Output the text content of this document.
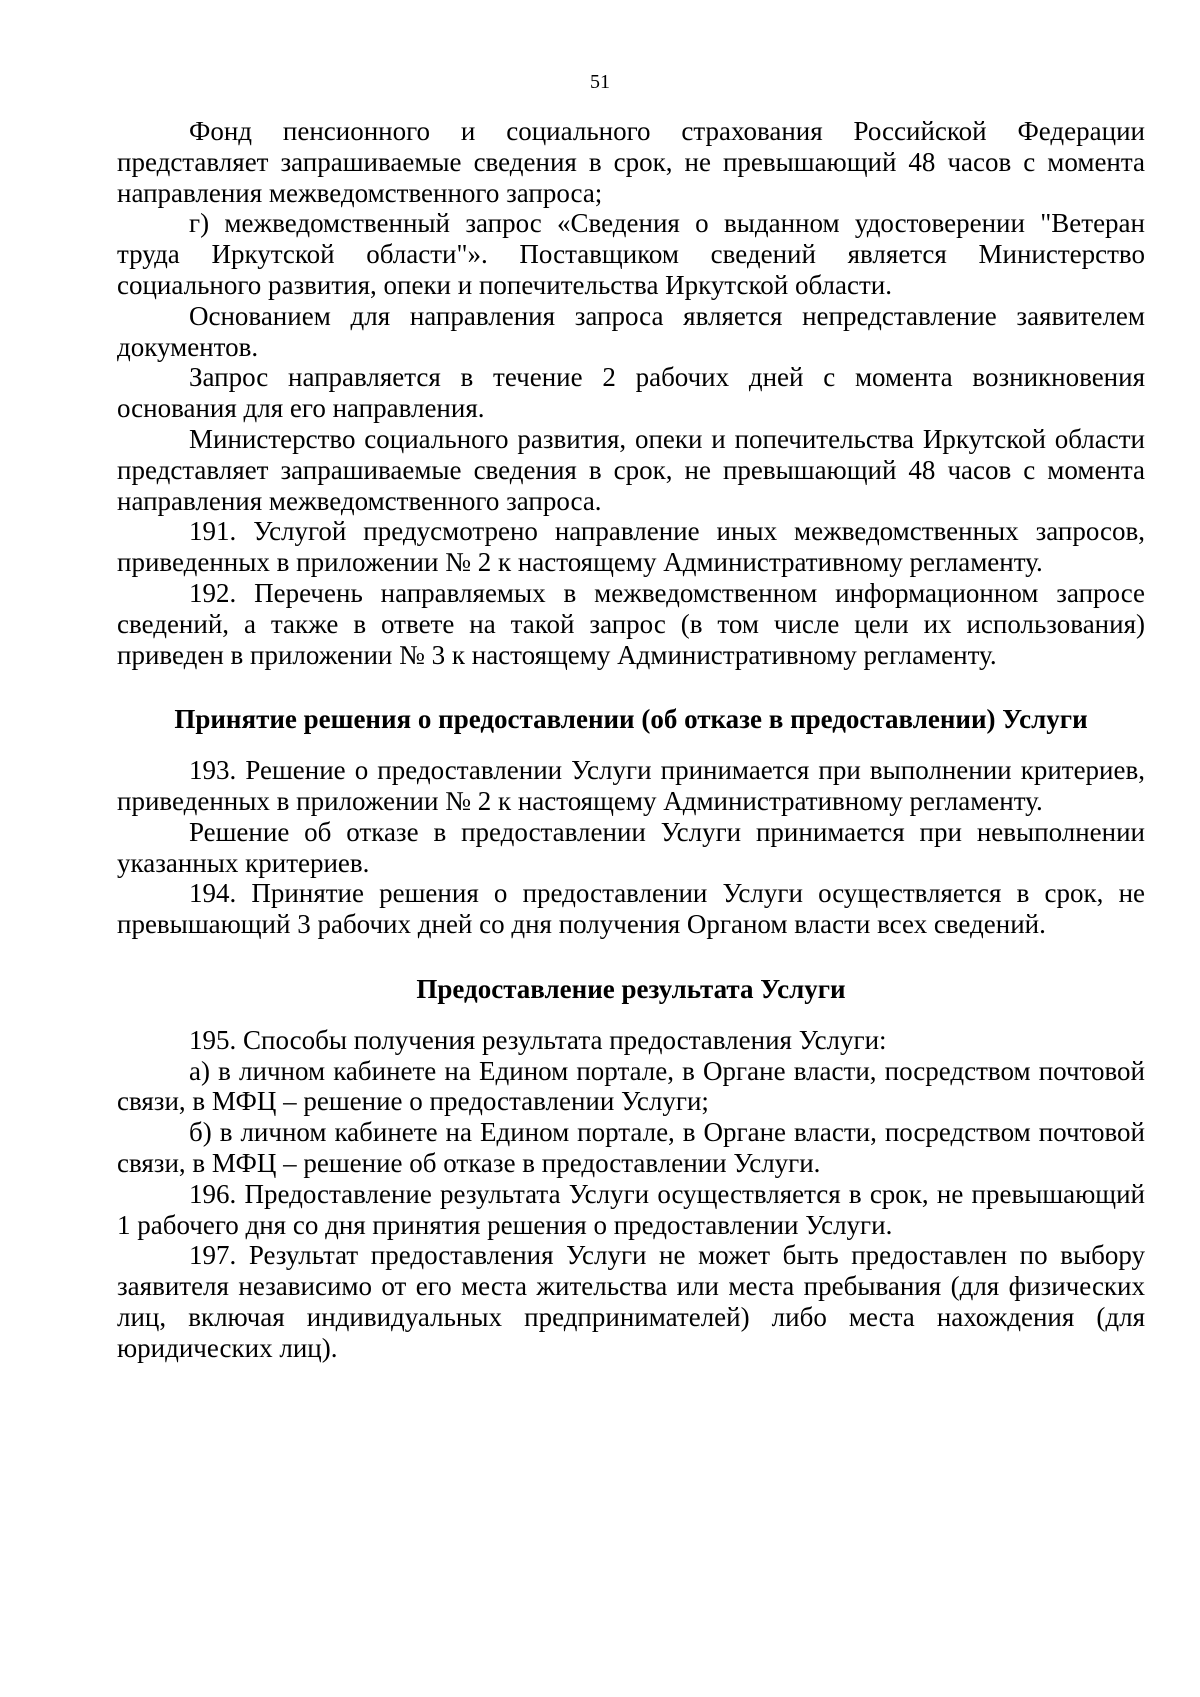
51

Фонд пенсионного и социального страхования Российской Федерации представляет запрашиваемые сведения в срок, не превышающий 48 часов с момента направления межведомственного запроса;

г) межведомственный запрос «Сведения о выданном удостоверении "Ветеран труда Иркутской области"». Поставщиком сведений является Министерство социального развития, опеки и попечительства Иркутской области.

Основанием для направления запроса является непредставление заявителем документов.

Запрос направляется в течение 2 рабочих дней с момента возникновения основания для его направления.

Министерство социального развития, опеки и попечительства Иркутской области представляет запрашиваемые сведения в срок, не превышающий 48 часов с момента направления межведомственного запроса.

191. Услугой предусмотрено направление иных межведомственных запросов, приведенных в приложении № 2 к настоящему Административному регламенту.

192. Перечень направляемых в межведомственном информационном запросе сведений, а также в ответе на такой запрос (в том числе цели их использования) приведен в приложении № 3 к настоящему Административному регламенту.

Принятие решения о предоставлении (об отказе в предоставлении) Услуги

193. Решение о предоставлении Услуги принимается при выполнении критериев, приведенных в приложении № 2 к настоящему Административному регламенту.

Решение об отказе в предоставлении Услуги принимается при невыполнении указанных критериев.

194. Принятие решения о предоставлении Услуги осуществляется в срок, не превышающий 3 рабочих дней со дня получения Органом власти всех сведений.

Предоставление результата Услуги

195. Способы получения результата предоставления Услуги:

а) в личном кабинете на Едином портале, в Органе власти, посредством почтовой связи, в МФЦ – решение о предоставлении Услуги;

б) в личном кабинете на Едином портале, в Органе власти, посредством почтовой связи, в МФЦ – решение об отказе в предоставлении Услуги.

196. Предоставление результата Услуги осуществляется в срок, не превышающий 1 рабочего дня со дня принятия решения о предоставлении Услуги.

197. Результат предоставления Услуги не может быть предоставлен по выбору заявителя независимо от его места жительства или места пребывания (для физических лиц, включая индивидуальных предпринимателей) либо места нахождения (для юридических лиц).
